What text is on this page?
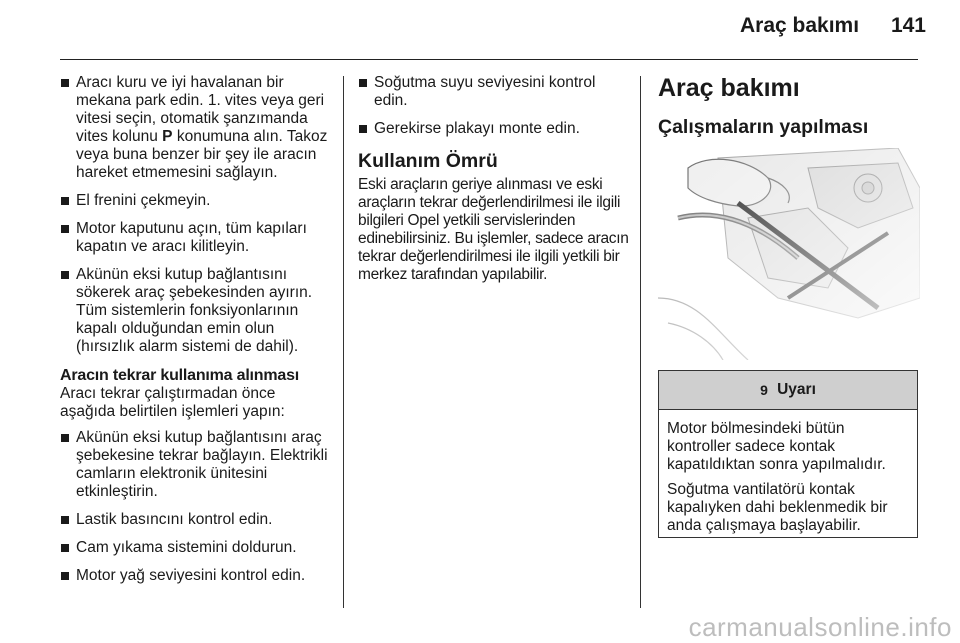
Araç bakımı	141
Aracı kuru ve iyi havalanan bir mekana park edin. 1. vites veya geri vitesi seçin, otomatik şanzımanda vites kolunu P konumuna alın. Takoz veya buna benzer bir şey ile aracın hareket etmemesini sağlayın.
El frenini çekmeyin.
Motor kaputunu açın, tüm kapıları kapatın ve aracı kilitleyin.
Akünün eksi kutup bağlantısını sökerek araç şebekesinden ayırın. Tüm sistemlerin fonksiyonlarının kapalı olduğundan emin olun (hırsızlık alarm sistemi de dahil).
Aracın tekrar kullanıma alınması

Aracı tekrar çalıştırmadan önce aşağıda belirtilen işlemleri yapın:

Akünün eksi kutup bağlantısını araç şebekesine tekrar bağlayın. Elektrikli camların elektronik ünitesini etkinleştirin.
Lastik basıncını kontrol edin.
Cam yıkama sistemini doldurun.
Motor yağ seviyesini kontrol edin.
Soğutma suyu seviyesini kontrol edin.
Gerekirse plakayı monte edin.
Kullanım Ömrü
Eski araçların geriye alınması ve eski araçların tekrar değerlendirilmesi ile ilgili bilgileri Opel yetkili servislerinden edinebilirsiniz. Bu işlemler, sadece aracın tekrar değerlendirilmesi ile ilgili yetkili bir merkez tarafından yapılabilir.
Araç bakımı
Çalışmaların yapılması
9 Uyarı

Motor bölmesindeki bütün kontroller sadece kontak kapatıldıktan sonra yapılmalıdır.

Soğutma vantilatörü kontak kapalıyken dahi beklenmedik bir anda çalışmaya başlayabilir.

carmanualsonline.info
